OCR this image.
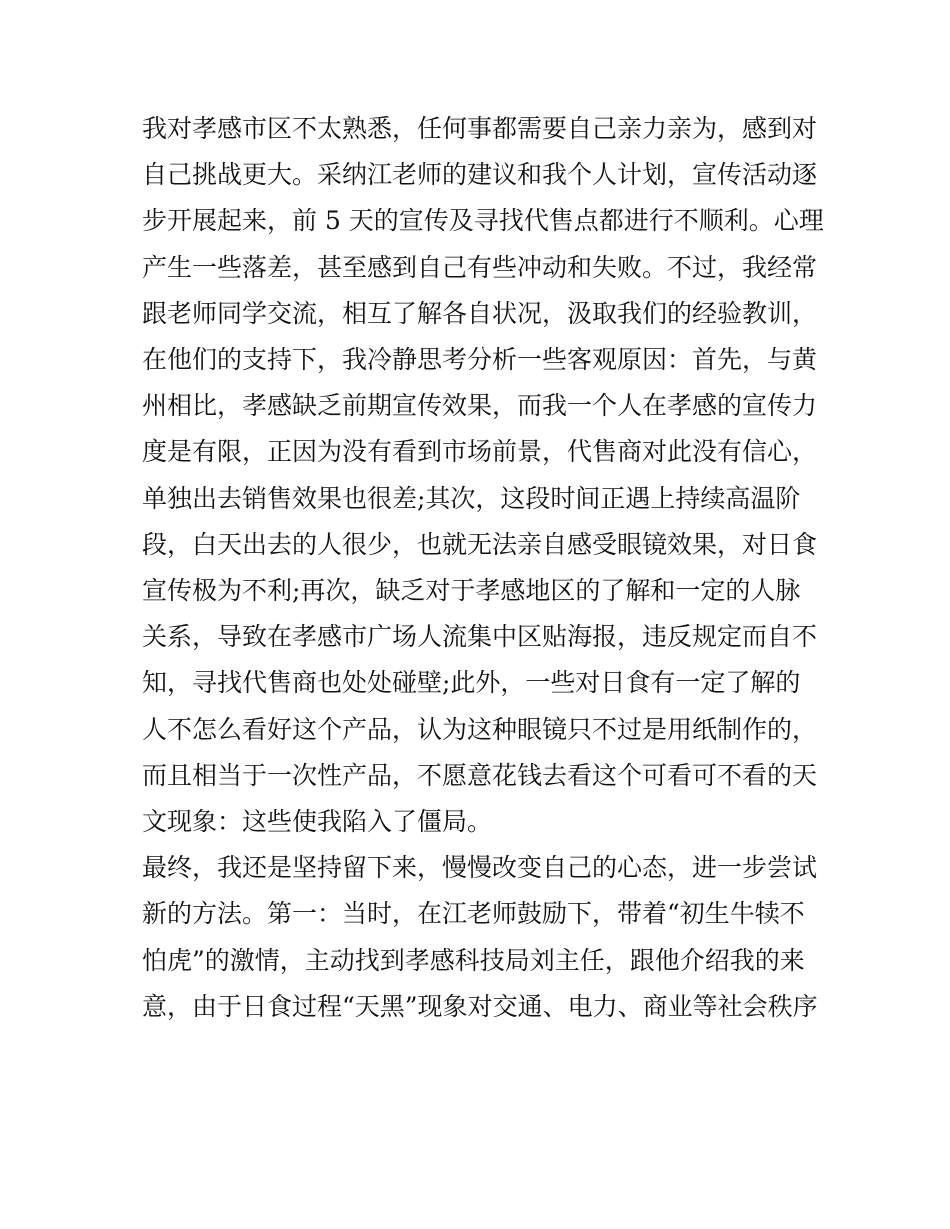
我对孝感市区不太熟悉，任何事都需要自己亲力亲为，感到对
自己挑战更大。采纳江老师的建议和我个人计划，宣传活动逐
步开展起来，前 5 天的宣传及寻找代售点都进行不顺利。心理
产生一些落差，甚至感到自己有些冲动和失败。不过，我经常
跟老师同学交流，相互了解各自状况，汲取我们的经验教训，
在他们的支持下，我冷静思考分析一些客观原因：首先，与黄
州相比，孝感缺乏前期宣传效果，而我一个人在孝感的宣传力
度是有限，正因为没有看到市场前景，代售商对此没有信心，
单独出去销售效果也很差;其次，这段时间正遇上持续高温阶
段，白天出去的人很少，也就无法亲自感受眼镜效果，对日食
宣传极为不利;再次，缺乏对于孝感地区的了解和一定的人脉
关系，导致在孝感市广场人流集中区贴海报，违反规定而自不
知，寻找代售商也处处碰壁;此外，一些对日食有一定了解的
人不怎么看好这个产品，认为这种眼镜只不过是用纸制作的，
而且相当于一次性产品，不愿意花钱去看这个可看可不看的天
文现象：这些使我陷入了僵局。
最终，我还是坚持留下来，慢慢改变自己的心态，进一步尝试
新的方法。第一：当时，在江老师鼓励下，带着“初生牛犊不
怕虎”的激情，主动找到孝感科技局刘主任，跟他介绍我的来
意，由于日食过程“天黑”现象对交通、电力、商业等社会秩序
